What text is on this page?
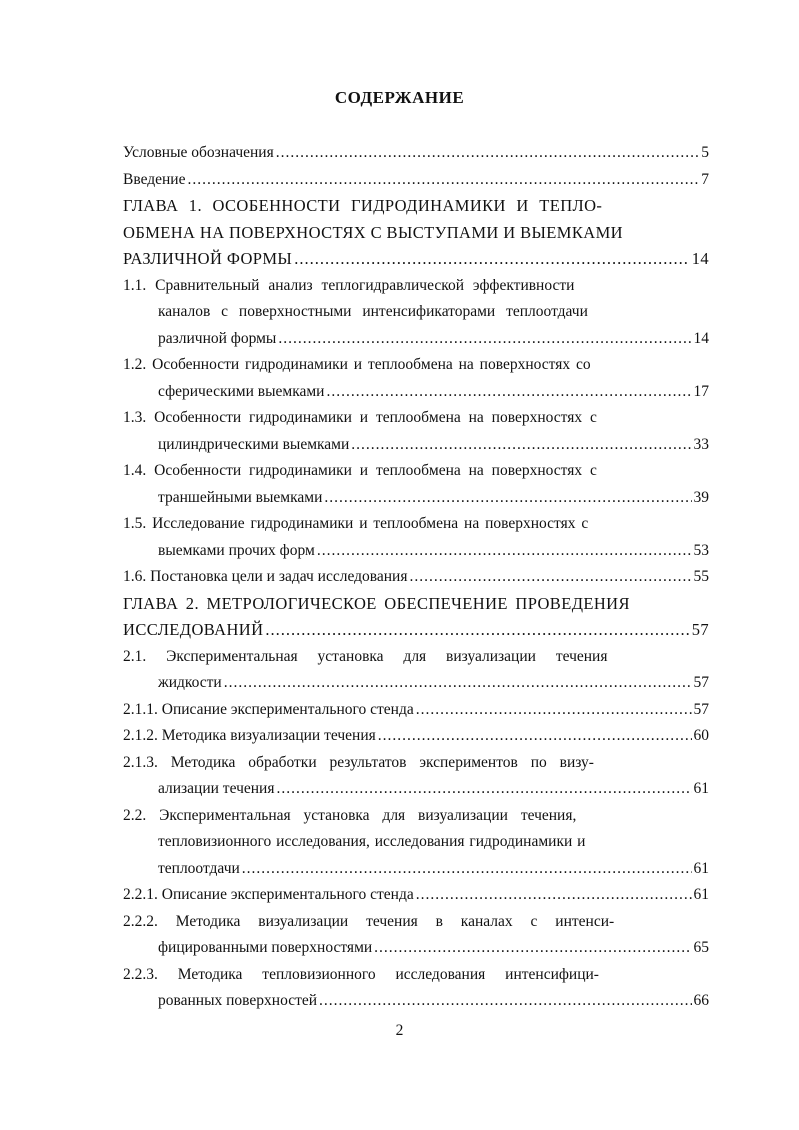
СОДЕРЖАНИЕ
Условные обозначения .....	5
Введение .....	7
ГЛАВА 1. ОСОБЕННОСТИ ГИДРОДИНАМИКИ И ТЕПЛО-
ОБМЕНА НА ПОВЕРХНОСТЯХ С ВЫСТУПАМИ И ВЫЕМКАМИ
РАЗЛИЧНОЙ ФОРМЫ .....	14
1.1. Сравнительный анализ теплогидравлической эффективности
каналов с поверхностными интенсификаторами теплоотдачи
различной формы .....	14
1.2. Особенности гидродинамики и теплообмена на поверхностях со
сферическими выемками .....	17
1.3. Особенности гидродинамики и теплообмена на поверхностях с
цилиндрическими выемками .....	33
1.4. Особенности гидродинамики и теплообмена на поверхностях с
траншейными выемками .....	39
1.5. Исследование гидродинамики и теплообмена на поверхностях с
выемками прочих форм .....	53
1.6. Постановка цели и задач исследования .....	55
ГЛАВА 2. МЕТРОЛОГИЧЕСКОЕ ОБЕСПЕЧЕНИЕ ПРОВЕДЕНИЯ
ИССЛЕДОВАНИЙ .....	57
2.1. Экспериментальная установка для визуализации течения
жидкости .....	57
2.1.1. Описание экспериментального стенда .....	57
2.1.2. Методика визуализации течения .....	60
2.1.3. Методика обработки результатов экспериментов по визу-
ализации течения .....	61
2.2. Экспериментальная установка для визуализации течения,
тепловизионного исследования, исследования гидродинамики и
теплоотдачи .....	61
2.2.1. Описание экспериментального стенда .....	61
2.2.2. Методика визуализации течения в каналах с интенси-
фицированными поверхностями .....	65
2.2.3. Методика тепловизионного исследования интенсифици-
рованных поверхностей .....	66
2
